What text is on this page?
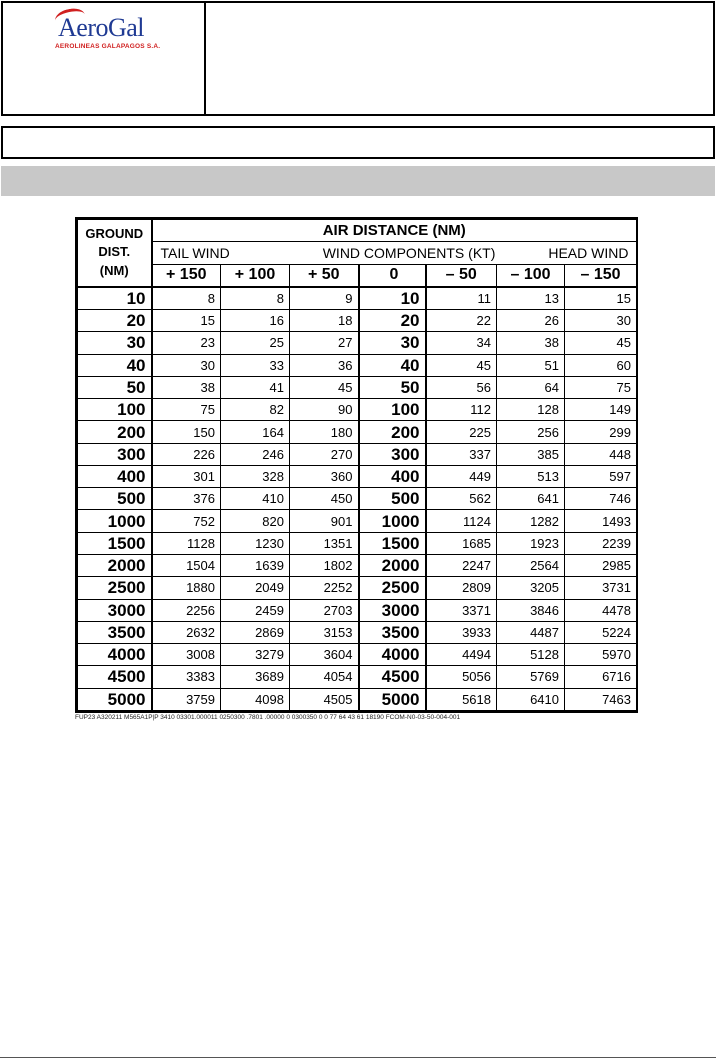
AeroGal
AEROLINEAS GALAPAGOS S.A.
GROUND
DIST.
(NM)	AIR DISTANCE (NM)						

	TAIL WIND WIND COMPONENTS (KT) HEAD WIND						

	+ 150	+ 100	+ 50	0	– 50	– 100	– 150
10	8	8	9	10	11	13	15
20	15	16	18	20	22	26	30
30	23	25	27	30	34	38	45
40	30	33	36	40	45	51	60
50	38	41	45	50	56	64	75
100	75	82	90	100	112	128	149
200	150	164	180	200	225	256	299
300	226	246	270	300	337	385	448
400	301	328	360	400	449	513	597
500	376	410	450	500	562	641	746
1000	752	820	901	1000	1124	1282	1493
1500	1128	1230	1351	1500	1685	1923	2239
2000	1504	1639	1802	2000	2247	2564	2985
2500	1880	2049	2252	2500	2809	3205	3731
3000	2256	2459	2703	3000	3371	3846	4478
3500	2632	2869	3153	3500	3933	4487	5224
4000	3008	3279	3604	4000	4494	5128	5970
4500	3383	3689	4054	4500	5056	5769	6716
5000	3759	4098	4505	5000	5618	6410	7463
FUP23 A320211 M565A1P|P 3410 03301.000011 0250300 .7801 .00000 0 0300350 0 0 77 64 43 61 18190 FCOM-N0-03-50-004-001
